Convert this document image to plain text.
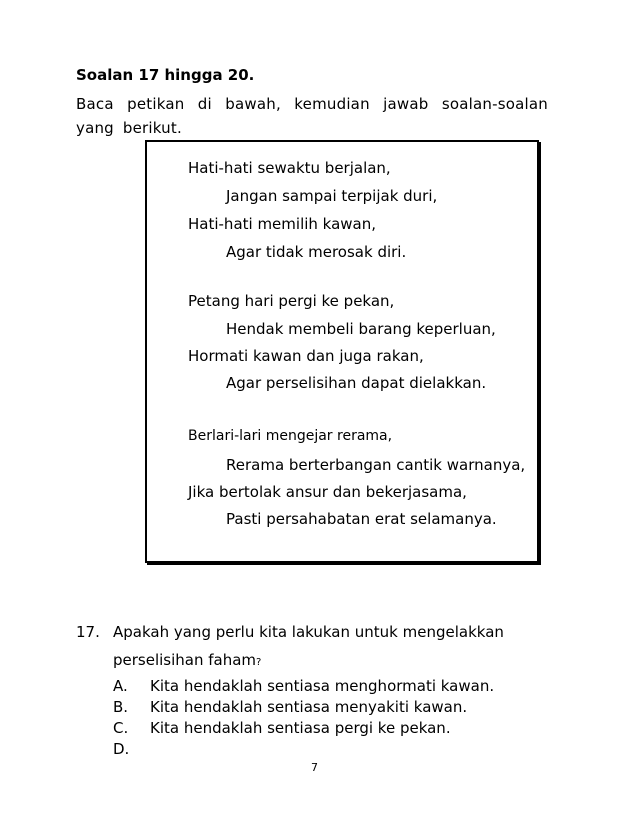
Soalan 17 hingga 20.
Baca petikan di bawah, kemudian jawab soalan-soalan yang berikut.
Hati-hati sewaktu berjalan,
Jangan sampai terpijak duri,
Hati-hati memilih kawan,
Agar tidak merosak diri.
Petang hari pergi ke pekan,
Hendak membeli barang keperluan,
Hormati kawan dan juga rakan,
Agar perselisihan dapat dielakkan.
Berlari-lari mengejar rerama,
Rerama berterbangan cantik warnanya,
Jika bertolak ansur dan bekerjasama,
Pasti persahabatan erat selamanya.
17. Apakah yang perlu kita lakukan untuk mengelakkan
perselisihan faham?
A. Kita hendaklah sentiasa menghormati kawan.
B. Kita hendaklah sentiasa menyakiti kawan.
C. Kita hendaklah sentiasa pergi ke pekan.
D.
7
